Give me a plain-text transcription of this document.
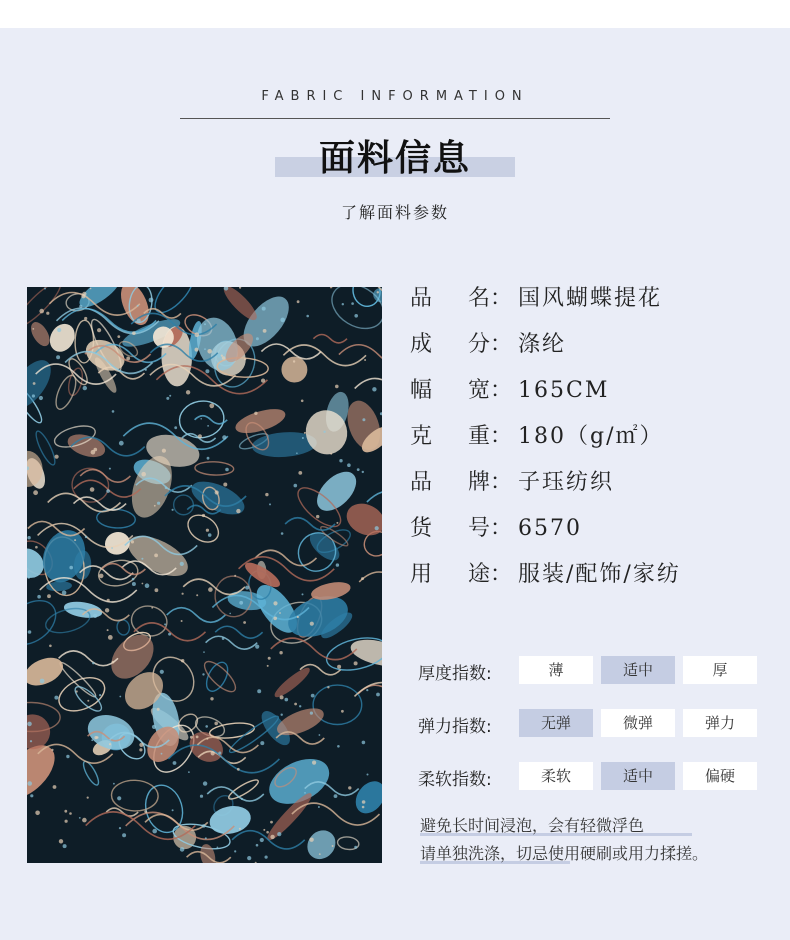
FABRIC INFORMATION
面料信息
了解面料参数
品 名： 国风蝴蝶提花
成 分： 涤纶
幅 宽： 165CM
克 重： 180（g/㎡）
品 牌： 子珏纺织
货 号： 6570
用 途： 服装/配饰/家纺
厚度指数:	薄	适中	厚
弹力指数:	无弹	微弹	弹力
柔软指数:	柔软	适中	偏硬
避免长时间浸泡，会有轻微浮色
请单独洗涤，切忌使用硬刷或用力揉搓。
